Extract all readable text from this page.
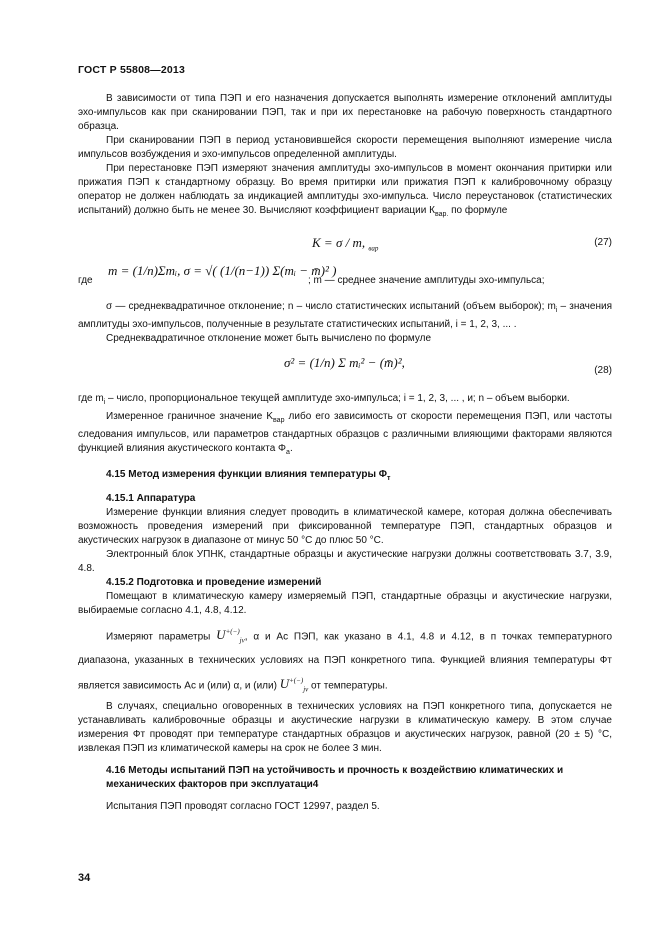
ГОСТ Р 55808—2013

В зависимости от типа ПЭП и его назначения допускается выполнять измерение отклонений амплитуды эхо-импульсов как при сканировании ПЭП, так и при их перестановке на рабочую поверхность стандартного образца.

При сканировании ПЭП в период установившейся скорости перемещения выполняют измерение числа импульсов возбуждения и эхо-импульсов определенной амплитуды.

При перестановке ПЭП измеряют значения амплитуды эхо-импульсов в момент окончания притирки или прижатия ПЭП к стандартному образцу. Во время притирки или прижатия ПЭП к калибровочному образцу оператор не должен наблюдать за индикацией амплитуды эхо-импульса. Число переустановок (статистических испытаний) должно быть не менее 30. Вычисляют коэффициент вариации $К_{вар.}$ по формуле

K = σ / m, $_{вар}$
(27)
где
m = (1/n)Σmᵢ, σ = √( (1/(n−1)) Σ(mᵢ − m̄)² )
; m — среднее значение амплитуды эхо-импульса;

σ — среднеквадратичное отклонение; n – число статистических испытаний (объем выборок); $m_i$ – значения амплитуды эхо-импульсов, полученные в результате статистических испытаний, i = 1, 2, 3, ... .

Среднеквадратичное отклонение может быть вычислено по формуле

σ² = (1/n) Σ mᵢ² − (m̄)²,
(28)

где $m_i$ – число, пропорциональное текущей амплитуде эхо-импульса; i = 1, 2, 3, ... , и; n – объем выборки.

Измеренное граничное значение $K_{вар}$ либо его зависимость от скорости перемещения ПЭП, или частоты следования импульсов, или параметров стандартных образцов с различными влияющими факторами являются функцией влияния акустического контакта $\Phi_а$.

4.15 Метод измерения функции влияния температуры $\Phi_т$

4.15.1 Аппаратура

Измерение функции влияния следует проводить в климатической камере, которая должна обеспечивать возможность проведения измерений при фиксированной температуре ПЭП, стандартных образцов и акустических нагрузок в диапазоне от минус 50 °С до плюс 50 °С.

Электронный блок УПНК, стандартные образцы и акустические нагрузки должны соответствовать 3.7, 3.9, 4.8.

4.15.2 Подготовка и проведение измерений

Помещают в климатическую камеру измеряемый ПЭП, стандартные образцы и акустические нагрузки, выбираемые согласно 4.1, 4.8, 4.12.

Измеряют параметры $U^{+(-)}_{jv}$, α и Ас ПЭП, как указано в 4.1, 4.8 и 4.12, в п точках температурного диапазона, указанных в технических условиях на ПЭП конкретного типа. Функцией влияния температуры Фт является зависимость Ас и (или) α, и (или) $U^{+(-)}_{jv}$ от температуры.

В случаях, специально оговоренных в технических условиях на ПЭП конкретного типа, допускается не устанавливать калибровочные образцы и акустические нагрузки в климатическую камеру. В этом случае измерения Фт проводят при температуре стандартных образцов и акустических нагрузок, равной (20 ± 5) °С, извлекая ПЭП из климатической камеры на срок не более 3 мин.

4.16 Методы испытаний ПЭП на устойчивость и прочность к воздействию климатических и механических факторов при эксплуатаци4

Испытания ПЭП проводят согласно ГОСТ 12997, раздел 5.

34
